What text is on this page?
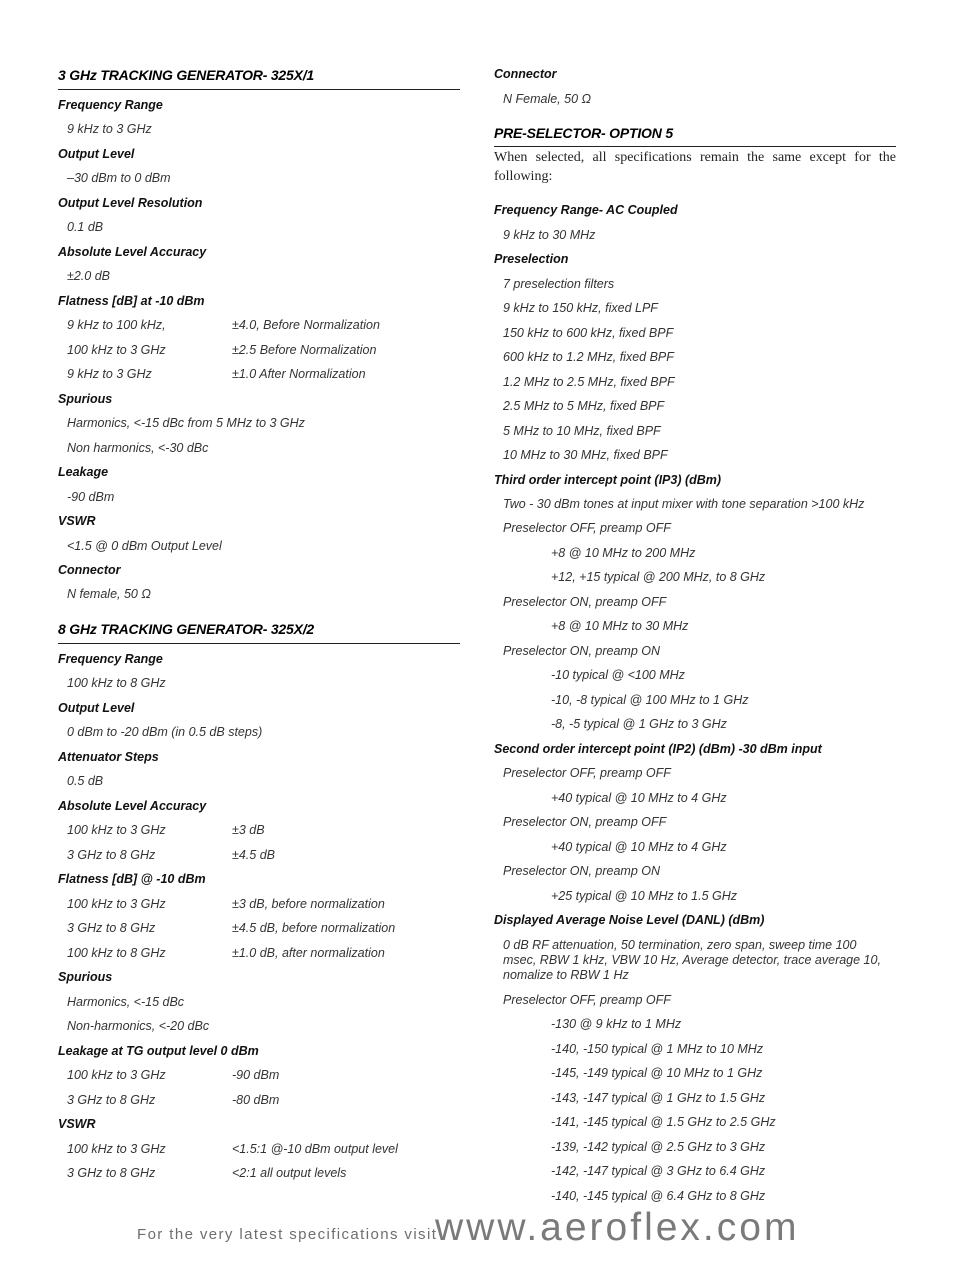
3 GHz TRACKING GENERATOR- 325X/1
Frequency Range
9 kHz to 3 GHz
Output Level
–30 dBm to 0 dBm
Output Level Resolution
0.1 dB
Absolute Level Accuracy
±2.0 dB
Flatness [dB] at -10 dBm
9 kHz to 100 kHz,	±4.0, Before Normalization
100 kHz to 3 GHz	±2.5 Before Normalization
9 kHz to 3 GHz	±1.0 After Normalization
Spurious
Harmonics, <-15 dBc from 5 MHz to 3 GHz
Non harmonics, <-30 dBc
Leakage
-90 dBm
VSWR
<1.5 @ 0 dBm Output Level
Connector
N female, 50 Ω
8 GHz TRACKING GENERATOR- 325X/2
Frequency Range
100 kHz to 8 GHz
Output Level
0 dBm to -20 dBm (in 0.5 dB steps)
Attenuator Steps
0.5 dB
Absolute Level Accuracy
100 kHz to 3 GHz	±3 dB
3 GHz to 8 GHz	±4.5 dB
Flatness [dB] @ -10 dBm
100 kHz to 3 GHz	±3 dB, before normalization
3 GHz to 8 GHz	±4.5 dB, before normalization
100 kHz to 8 GHz	±1.0 dB, after normalization
Spurious
Harmonics, <-15 dBc
Non-harmonics, <-20 dBc
Leakage at TG output level 0 dBm
100 kHz to 3 GHz	-90 dBm
3 GHz to 8 GHz	-80 dBm
VSWR
100 kHz to 3 GHz	<1.5:1 @-10 dBm output level
3 GHz to 8 GHz	<2:1 all output levels
Connector
N Female, 50 Ω
PRE-SELECTOR- OPTION 5
When selected, all specifications remain the same except for the following:
Frequency Range- AC Coupled
9 kHz to 30 MHz
Preselection
7 preselection filters
9 kHz to 150 kHz, fixed LPF
150 kHz to 600 kHz, fixed BPF
600 kHz to 1.2 MHz, fixed BPF
1.2 MHz to 2.5 MHz, fixed BPF
2.5 MHz to 5 MHz, fixed BPF
5 MHz to 10 MHz, fixed BPF
10 MHz to 30 MHz, fixed BPF
Third order intercept point (IP3) (dBm)
Two - 30 dBm tones at input mixer with tone separation >100 kHz
Preselector OFF, preamp OFF
+8 @ 10 MHz to 200 MHz
+12, +15 typical @ 200 MHz, to 8 GHz
Preselector ON, preamp OFF
+8 @ 10 MHz to 30 MHz
Preselector ON, preamp ON
-10 typical @ <100 MHz
-10, -8 typical @ 100 MHz to 1 GHz
-8, -5 typical @ 1 GHz to 3 GHz
Second order intercept point (IP2) (dBm) -30 dBm input
Preselector OFF, preamp OFF
+40 typical @ 10 MHz to 4 GHz
Preselector ON, preamp OFF
+40 typical @ 10 MHz to 4 GHz
Preselector ON, preamp ON
+25 typical @ 10 MHz to 1.5 GHz
Displayed Average Noise Level (DANL) (dBm)
0 dB RF attenuation, 50 termination, zero span, sweep time 100 msec, RBW 1 kHz, VBW 10 Hz, Average detector, trace average 10, nomalize to RBW 1 Hz
Preselector OFF, preamp OFF
-130 @ 9 kHz to 1 MHz
-140, -150 typical @ 1 MHz to 10 MHz
-145, -149 typical @ 10 MHz to 1 GHz
-143, -147 typical @ 1 GHz to 1.5 GHz
-141, -145 typical @ 1.5 GHz to 2.5 GHz
-139, -142 typical @ 2.5 GHz to 3 GHz
-142, -147 typical @ 3 GHz to 6.4 GHz
-140, -145 typical @ 6.4 GHz to 8 GHz
For the very latest specifications visit
www.aeroflex.com
